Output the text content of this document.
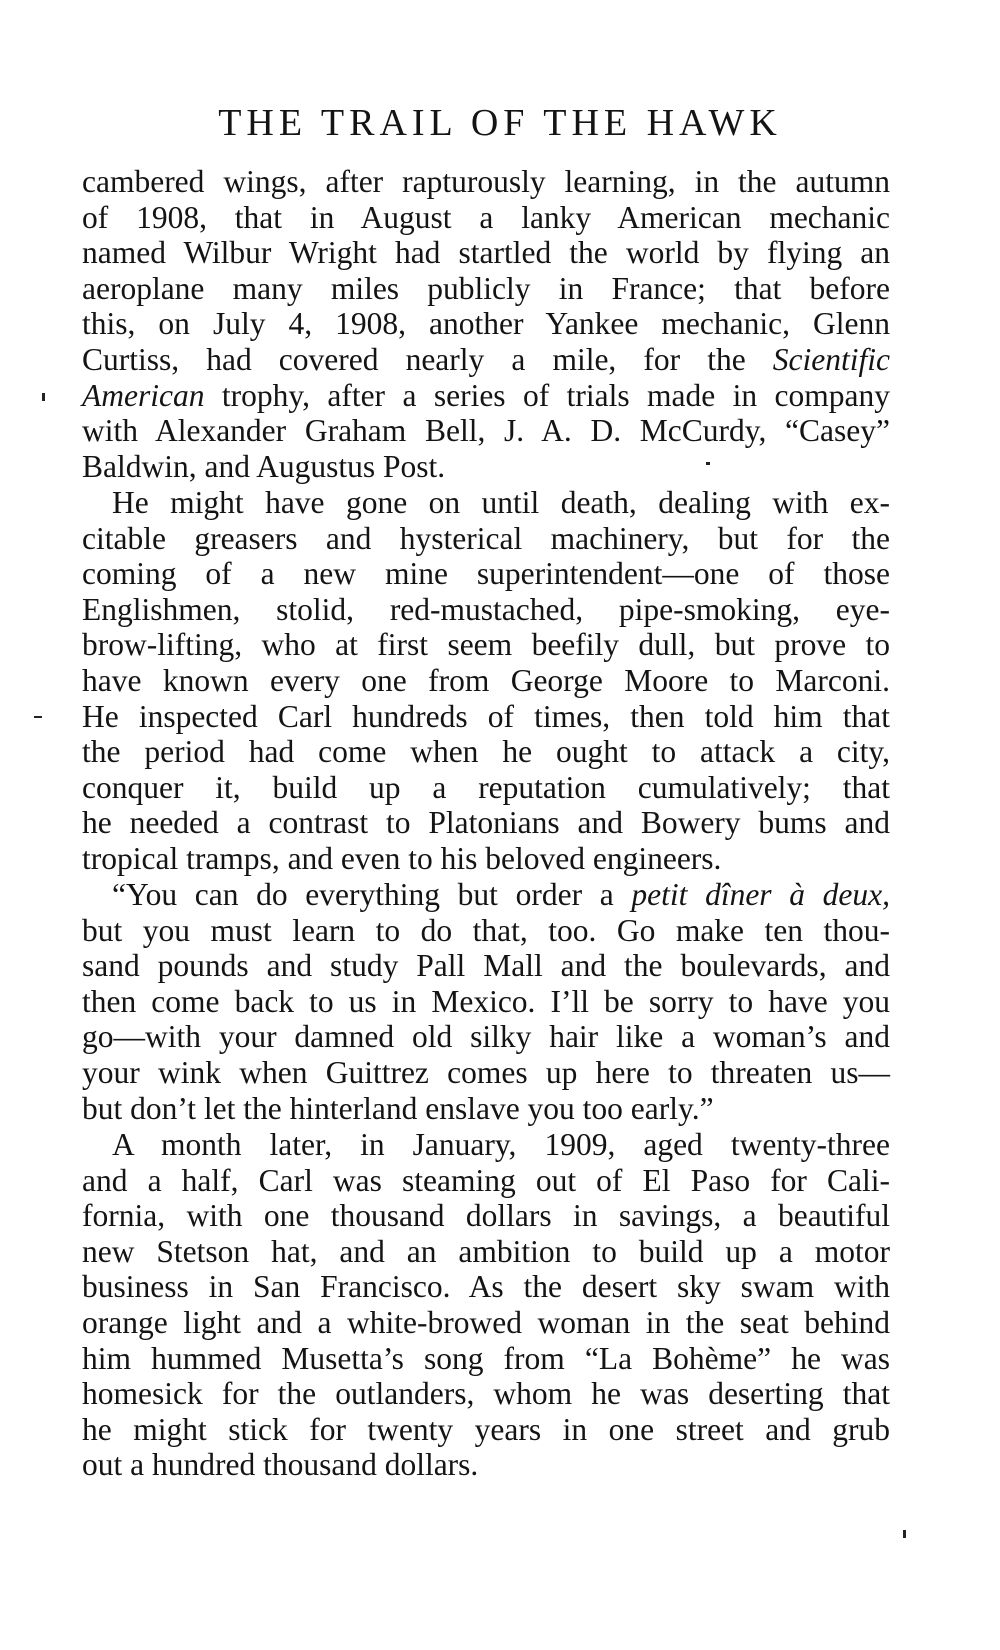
THE TRAIL OF THE HAWK
cambered wings, after rapturously learning, in the autumn
of 1908, that in August a lanky American mechanic
named Wilbur Wright had startled the world by flying an
aeroplane many miles publicly in France; that before
this, on July 4, 1908, another Yankee mechanic, Glenn
Curtiss, had covered nearly a mile, for the Scientific
American trophy, after a series of trials made in company
with Alexander Graham Bell, J. A. D. McCurdy, “Casey”
Baldwin, and Augustus Post.
He might have gone on until death, dealing with ex-
citable greasers and hysterical machinery, but for the
coming of a new mine superintendent—one of those
Englishmen, stolid, red-mustached, pipe-smoking, eye-
brow-lifting, who at first seem beefily dull, but prove to
have known every one from George Moore to Marconi.
He inspected Carl hundreds of times, then told him that
the period had come when he ought to attack a city,
conquer it, build up a reputation cumulatively; that
he needed a contrast to Platonians and Bowery bums and
tropical tramps, and even to his beloved engineers.
“You can do everything but order a petit dîner à deux,
but you must learn to do that, too. Go make ten thou-
sand pounds and study Pall Mall and the boulevards, and
then come back to us in Mexico. I’ll be sorry to have you
go—with your damned old silky hair like a woman’s and
your wink when Guittrez comes up here to threaten us—
but don’t let the hinterland enslave you too early.”
A month later, in January, 1909, aged twenty-three
and a half, Carl was steaming out of El Paso for Cali-
fornia, with one thousand dollars in savings, a beautiful
new Stetson hat, and an ambition to build up a motor
business in San Francisco. As the desert sky swam with
orange light and a white-browed woman in the seat behind
him hummed Musetta’s song from “La Bohème” he was
homesick for the outlanders, whom he was deserting that
he might stick for twenty years in one street and grub
out a hundred thousand dollars.
